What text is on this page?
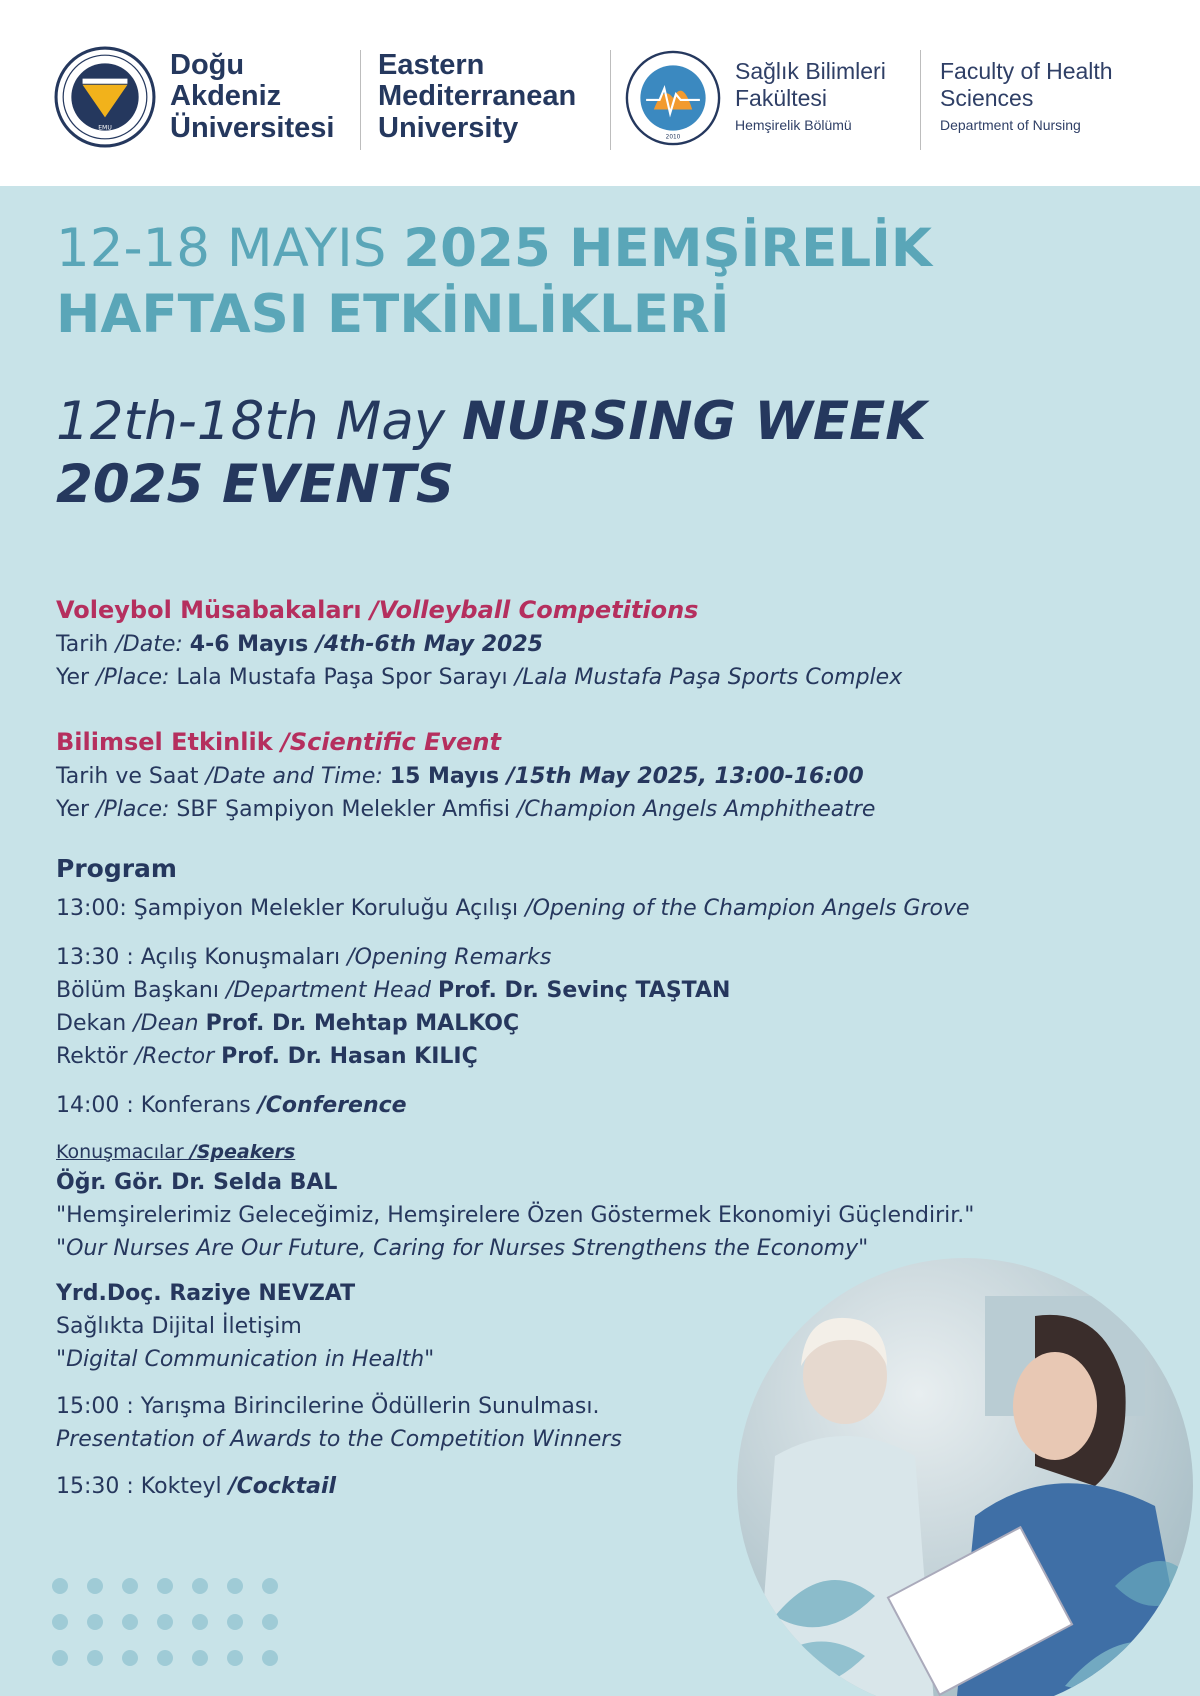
EMU
Doğu
Akdeniz
Üniversitesi
Eastern
Mediterranean
University	2010
Sağlık Bilimleri
Fakültesi
Hemşirelik Bölümü
Faculty of Health
Sciences
Department of Nursing
12-18 MAYIS 2025 HEMŞİRELİK
HAFTASI ETKİNLİKLERİ
12th-18th May NURSING WEEK
2025 EVENTS
Voleybol Müsabakaları /Volleyball Competitions
Tarih /Date: 4-6 Mayıs /4th-6th May 2025
Yer /Place: Lala Mustafa Paşa Spor Sarayı /Lala Mustafa Paşa Sports Complex
Bilimsel Etkinlik /Scientific Event
Tarih ve Saat /Date and Time: 15 Mayıs /15th May 2025, 13:00-16:00
Yer /Place: SBF Şampiyon Melekler Amfisi /Champion Angels Amphitheatre
Program
13:00: Şampiyon Melekler Koruluğu Açılışı /Opening of the Champion Angels Grove
13:30 : Açılış Konuşmaları /Opening Remarks
Bölüm Başkanı /Department Head Prof. Dr. Sevinç TAŞTAN
Dekan /Dean Prof. Dr. Mehtap MALKOÇ
Rektör /Rector Prof. Dr. Hasan KILIÇ
14:00 : Konferans /Conference
Konuşmacılar /Speakers
Öğr. Gör. Dr. Selda BAL
"Hemşirelerimiz Geleceğimiz, Hemşirelere Özen Göstermek Ekonomiyi Güçlendirir."
"Our Nurses Are Our Future, Caring for Nurses Strengthens the Economy"
Yrd.Doç. Raziye NEVZAT
Sağlıkta Dijital İletişim
"Digital Communication in Health"
15:00 : Yarışma Birincilerine Ödüllerin Sunulması.
Presentation of Awards to the Competition Winners
15:30 : Kokteyl /Cocktail
